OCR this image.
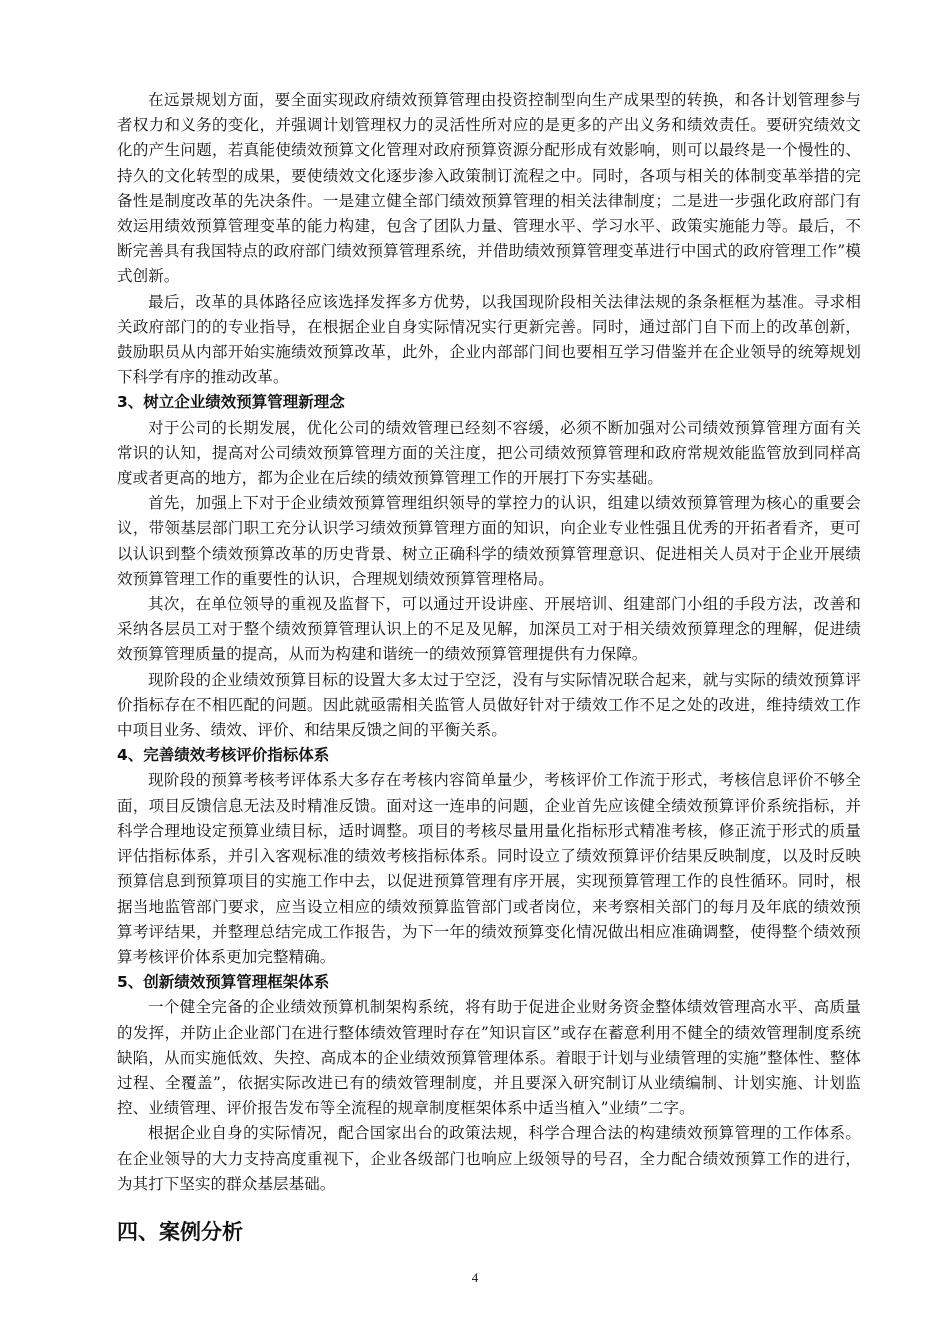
在远景规划方面，要全面实现政府绩效预算管理由投资控制型向生产成果型的转换，和各计划管理参与者权力和义务的变化，并强调计划管理权力的灵活性所对应的是更多的产出义务和绩效责任。要研究绩效文化的产生问题，若真能使绩效预算文化管理对政府预算资源分配形成有效影响，则可以最终是一个慢性的、持久的文化转型的成果，要使绩效文化逐步渗入政策制订流程之中。同时，各项与相关的体制变革举措的完备性是制度改革的先决条件。一是建立健全部门绩效预算管理的相关法律制度；二是进一步强化政府部门有效运用绩效预算管理变革的能力构建，包含了团队力量、管理水平、学习水平、政策实施能力等。最后，不断完善具有我国特点的政府部门绩效预算管理系统，并借助绩效预算管理变革进行中国式的政府管理工作”模式创新。

最后，改革的具体路径应该选择发挥多方优势，以我国现阶段相关法律法规的条条框框为基准。寻求相关政府部门的的专业指导，在根据企业自身实际情况实行更新完善。同时，通过部门自下而上的改革创新，鼓励职员从内部开始实施绩效预算改革，此外，企业内部部门间也要相互学习借鉴并在企业领导的统筹规划下科学有序的推动改革。

3、树立企业绩效预算管理新理念

对于公司的长期发展，优化公司的绩效管理已经刻不容缓，必须不断加强对公司绩效预算管理方面有关常识的认知，提高对公司绩效预算管理方面的关注度，把公司绩效预算管理和政府常规效能监管放到同样高度或者更高的地方，都为企业在后续的绩效预算管理工作的开展打下夯实基础。

首先，加强上下对于企业绩效预算管理组织领导的掌控力的认识，组建以绩效预算管理为核心的重要会议，带领基层部门职工充分认识学习绩效预算管理方面的知识，向企业专业性强且优秀的开拓者看齐，更可以认识到整个绩效预算改革的历史背景、树立正确科学的绩效预算管理意识、促进相关人员对于企业开展绩效预算管理工作的重要性的认识，合理规划绩效预算管理格局。

其次，在单位领导的重视及监督下，可以通过开设讲座、开展培训、组建部门小组的手段方法，改善和采纳各层员工对于整个绩效预算管理认识上的不足及见解，加深员工对于相关绩效预算理念的理解，促进绩效预算管理质量的提高，从而为构建和谐统一的绩效预算管理提供有力保障。

现阶段的企业绩效预算目标的设置大多太过于空泛，没有与实际情况联合起来，就与实际的绩效预算评价指标存在不相匹配的问题。因此就亟需相关监管人员做好针对于绩效工作不足之处的改进，维持绩效工作中项目业务、绩效、评价、和结果反馈之间的平衡关系。

4、完善绩效考核评价指标体系

现阶段的预算考核考评体系大多存在考核内容简单量少，考核评价工作流于形式，考核信息评价不够全面，项目反馈信息无法及时精准反馈。面对这一连串的问题，企业首先应该健全绩效预算评价系统指标，并科学合理地设定预算业绩目标，适时调整。项目的考核尽量用量化指标形式精准考核，修正流于形式的质量评估指标体系，并引入客观标准的绩效考核指标体系。同时设立了绩效预算评价结果反映制度，以及时反映预算信息到预算项目的实施工作中去，以促进预算管理有序开展，实现预算管理工作的良性循环。同时，根据当地监管部门要求，应当设立相应的绩效预算监管部门或者岗位，来考察相关部门的每月及年底的绩效预算考评结果，并整理总结完成工作报告，为下一年的绩效预算变化情况做出相应准确调整，使得整个绩效预算考核评价体系更加完整精确。

5、创新绩效预算管理框架体系

一个健全完备的企业绩效预算机制架构系统，将有助于促进企业财务资金整体绩效管理高水平、高质量的发挥，并防止企业部门在进行整体绩效管理时存在”知识盲区”或存在蓄意利用不健全的绩效管理制度系统缺陷，从而实施低效、失控、高成本的企业绩效预算管理体系。着眼于计划与业绩管理的实施”整体性、整体过程、全覆盖”，依据实际改进已有的绩效管理制度，并且要深入研究制订从业绩编制、计划实施、计划监控、业绩管理、评价报告发布等全流程的规章制度框架体系中适当植入”业绩”二字。

根据企业自身的实际情况，配合国家出台的政策法规，科学合理合法的构建绩效预算管理的工作体系。在企业领导的大力支持高度重视下，企业各级部门也响应上级领导的号召，全力配合绩效预算工作的进行，为其打下坚实的群众基层基础。

四、案例分析
4
